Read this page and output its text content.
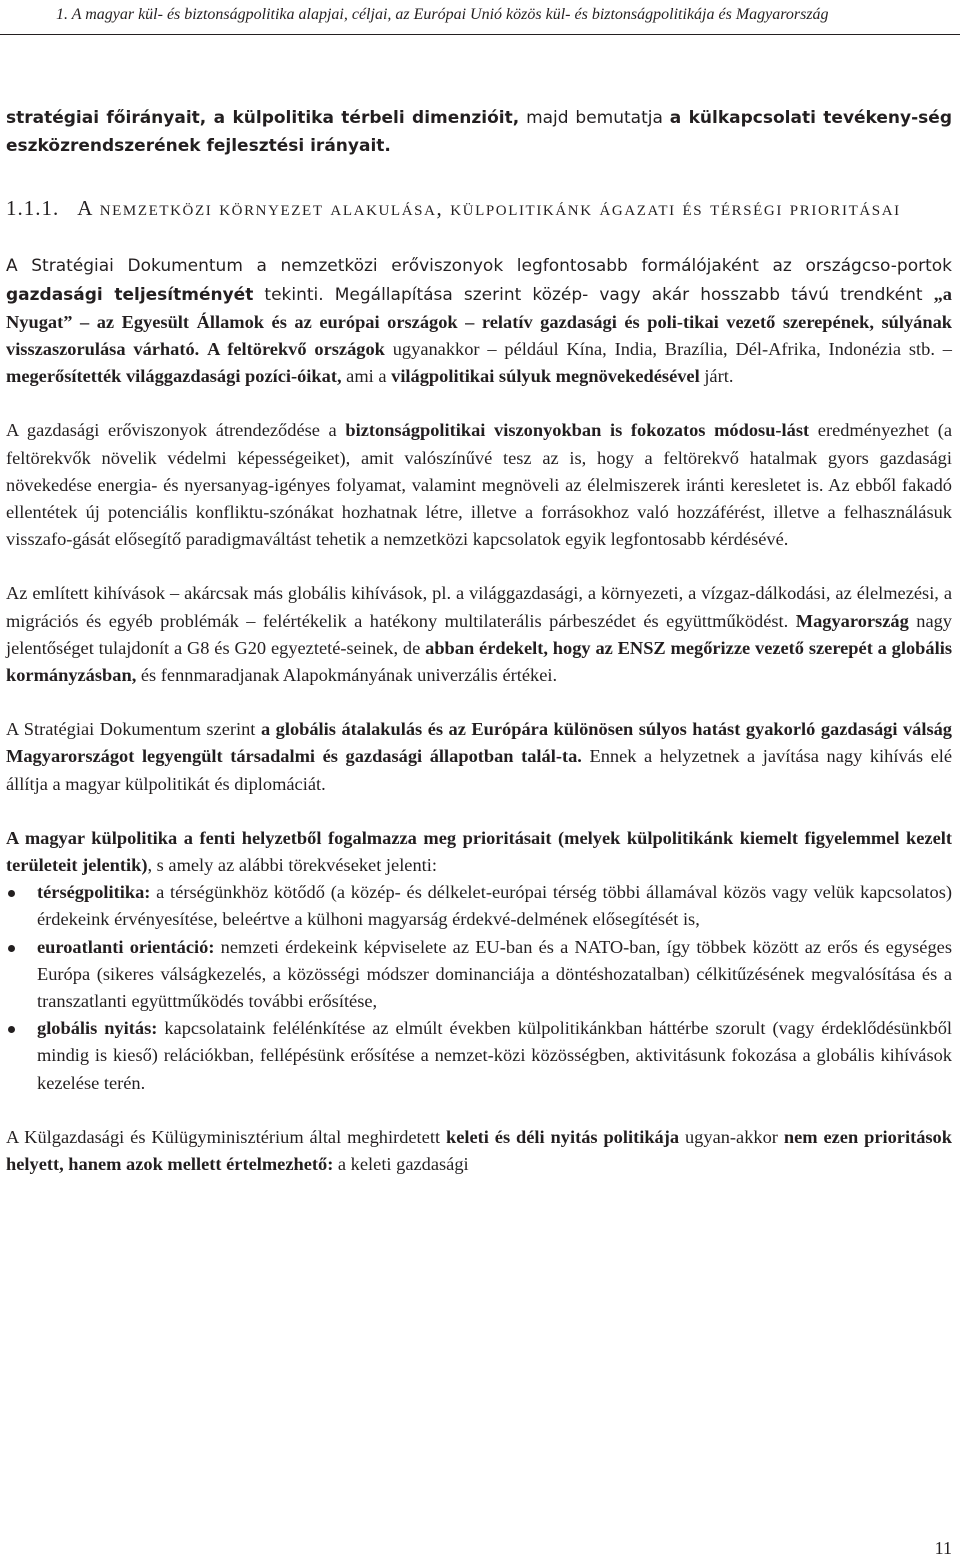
1. A magyar kül- és biztonságpolitika alapjai, céljai, az Európai Unió közös kül- és biztonságpolitikája és Magyarország

stratégiai főirányait, a külpolitika térbeli dimenzióit, majd bemutatja a külkapcsolati tevékeny-ség eszközrendszerének fejlesztési irányait.

1.1.1. A nemzetközi környezet alakulása, külpolitikánk ágazati és térségi prioritásai

A Stratégiai Dokumentum a nemzetközi erőviszonyok legfontosabb formálójaként az országcso-portok gazdasági teljesítményét tekinti. Megállapítása szerint közép- vagy akár hosszabb távú trendként „a Nyugat” – az Egyesült Államok és az európai országok – relatív gazdasági és poli-tikai vezető szerepének, súlyának visszaszorulása várható. A feltörekvő országok ugyanakkor – például Kína, India, Brazília, Dél-Afrika, Indonézia stb. – megerősítették világgazdasági pozíci-óikat, ami a világpolitikai súlyuk megnövekedésével járt.

A gazdasági erőviszonyok átrendeződése a biztonságpolitikai viszonyokban is fokozatos módosu-lást eredményezhet (a feltörekvők növelik védelmi képességeiket), amit valószínűvé tesz az is, hogy a feltörekvő hatalmak gyors gazdasági növekedése energia- és nyersanyag-igényes folyamat, valamint megnöveli az élelmiszerek iránti keresletet is. Az ebből fakadó ellentétek új potenciális konfliktu-szónákat hozhatnak létre, illetve a forrásokhoz való hozzáférést, illetve a felhasználásuk visszafo-gását elősegítő paradigmaváltást tehetik a nemzetközi kapcsolatok egyik legfontosabb kérdésévé.

Az említett kihívások – akárcsak más globális kihívások, pl. a világgazdasági, a környezeti, a vízgaz-dálkodási, az élelmezési, a migrációs és egyéb problémák – felértékelik a hatékony multilaterális párbeszédet és együttműködést. Magyarország nagy jelentőséget tulajdonít a G8 és G20 egyezteté-seinek, de abban érdekelt, hogy az ENSZ megőrizze vezető szerepét a globális kormányzásban, és fennmaradjanak Alapokmányának univerzális értékei.

A Stratégiai Dokumentum szerint a globális átalakulás és az Európára különösen súlyos hatást gyakorló gazdasági válság Magyarországot legyengült társadalmi és gazdasági állapotban talál-ta. Ennek a helyzetnek a javítása nagy kihívás elé állítja a magyar külpolitikát és diplomáciát.

A magyar külpolitika a fenti helyzetből fogalmazza meg prioritásait (melyek külpolitikánk kiemelt figyelemmel kezelt területeit jelentik), s amely az alábbi törekvéseket jelenti:

térségpolitika: a térségünkhöz kötődő (a közép- és délkelet-európai térség többi államával közös vagy velük kapcsolatos) érdekeink érvényesítése, beleértve a külhoni magyarság érdekvé-delmének elősegítését is,
euroatlanti orientáció: nemzeti érdekeink képviselete az EU-ban és a NATO-ban, így többek között az erős és egységes Európa (sikeres válságkezelés, a közösségi módszer dominanciája a döntéshozatalban) célkitűzésének megvalósítása és a transzatlanti együttműködés további erősítése,
globális nyitás: kapcsolataink felélénkítése az elmúlt években külpolitikánkban háttérbe szorult (vagy érdeklődésünkből mindig is kieső) relációkban, fellépésünk erősítése a nemzet-közi közösségben, aktivitásunk fokozása a globális kihívások kezelése terén.

A Külgazdasági és Külügyminisztérium által meghirdetett keleti és déli nyitás politikája ugyan-akkor nem ezen prioritások helyett, hanem azok mellett értelmezhető: a keleti gazdasági

11
